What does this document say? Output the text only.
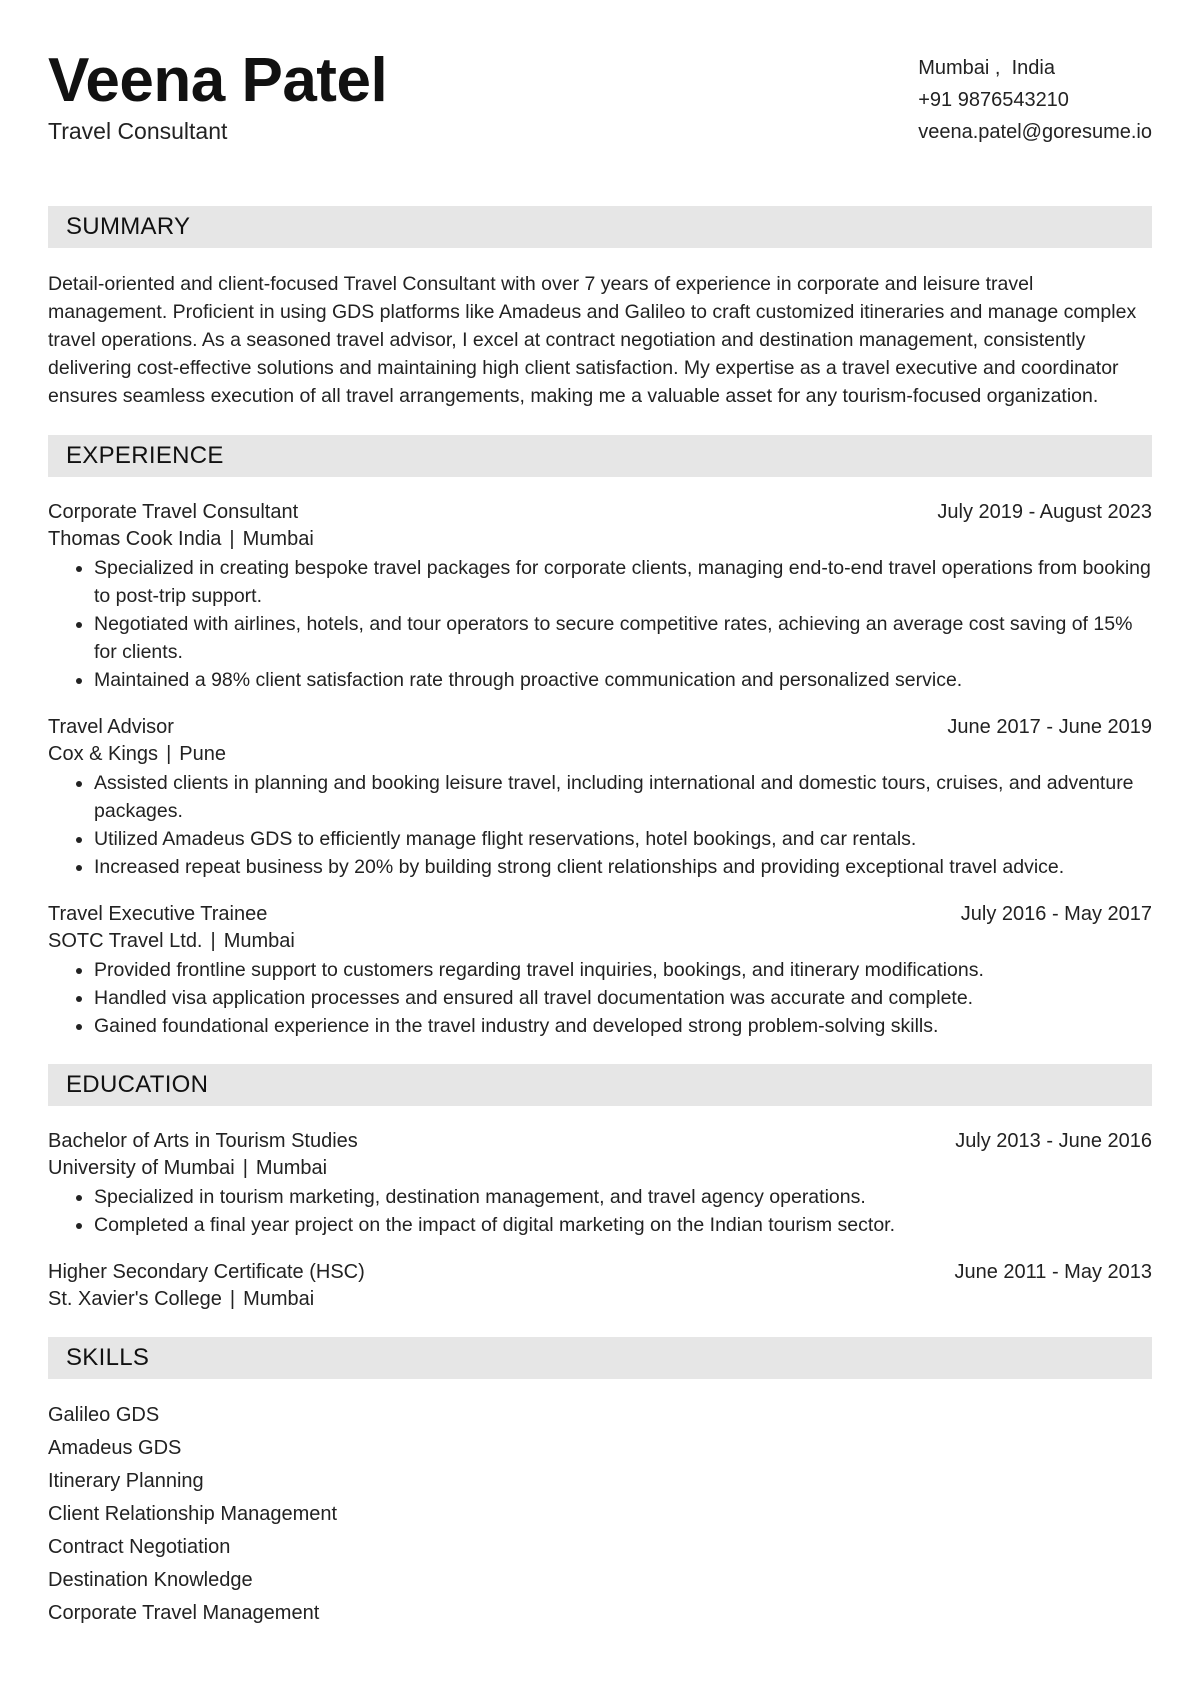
Veena Patel
Travel Consultant
Mumbai ,  India
+91 9876543210
veena.patel@goresume.io
SUMMARY

Detail-oriented and client-focused Travel Consultant with over 7 years of experience in corporate and leisure travel management. Proficient in using GDS platforms like Amadeus and Galileo to craft customized itineraries and manage complex travel operations. As a seasoned travel advisor, I excel at contract negotiation and destination management, consistently delivering cost-effective solutions and maintaining high client satisfaction. My expertise as a travel executive and coordinator ensures seamless execution of all travel arrangements, making me a valuable asset for any tourism-focused organization.

EXPERIENCE
Corporate Travel Consultant	July 2019 - August 2023
Thomas Cook India | Mumbai
• Specialized in creating bespoke travel packages for corporate clients, managing end-to-end travel operations from booking to post-trip support.
• Negotiated with airlines, hotels, and tour operators to secure competitive rates, achieving an average cost saving of 15% for clients.
• Maintained a 98% client satisfaction rate through proactive communication and personalized service.
Travel Advisor	June 2017 - June 2019
Cox & Kings | Pune
• Assisted clients in planning and booking leisure travel, including international and domestic tours, cruises, and adventure packages.
• Utilized Amadeus GDS to efficiently manage flight reservations, hotel bookings, and car rentals.
• Increased repeat business by 20% by building strong client relationships and providing exceptional travel advice.
Travel Executive Trainee	July 2016 - May 2017
SOTC Travel Ltd. | Mumbai
• Provided frontline support to customers regarding travel inquiries, bookings, and itinerary modifications.
• Handled visa application processes and ensured all travel documentation was accurate and complete.
• Gained foundational experience in the travel industry and developed strong problem-solving skills.
EDUCATION
Bachelor of Arts in Tourism Studies	July 2013 - June 2016
University of Mumbai | Mumbai
• Specialized in tourism marketing, destination management, and travel agency operations.
• Completed a final year project on the impact of digital marketing on the Indian tourism sector.
Higher Secondary Certificate (HSC)	June 2011 - May 2013
St. Xavier's College | Mumbai
SKILLS
Galileo GDS
Amadeus GDS
Itinerary Planning
Client Relationship Management
Contract Negotiation
Destination Knowledge
Corporate Travel Management
